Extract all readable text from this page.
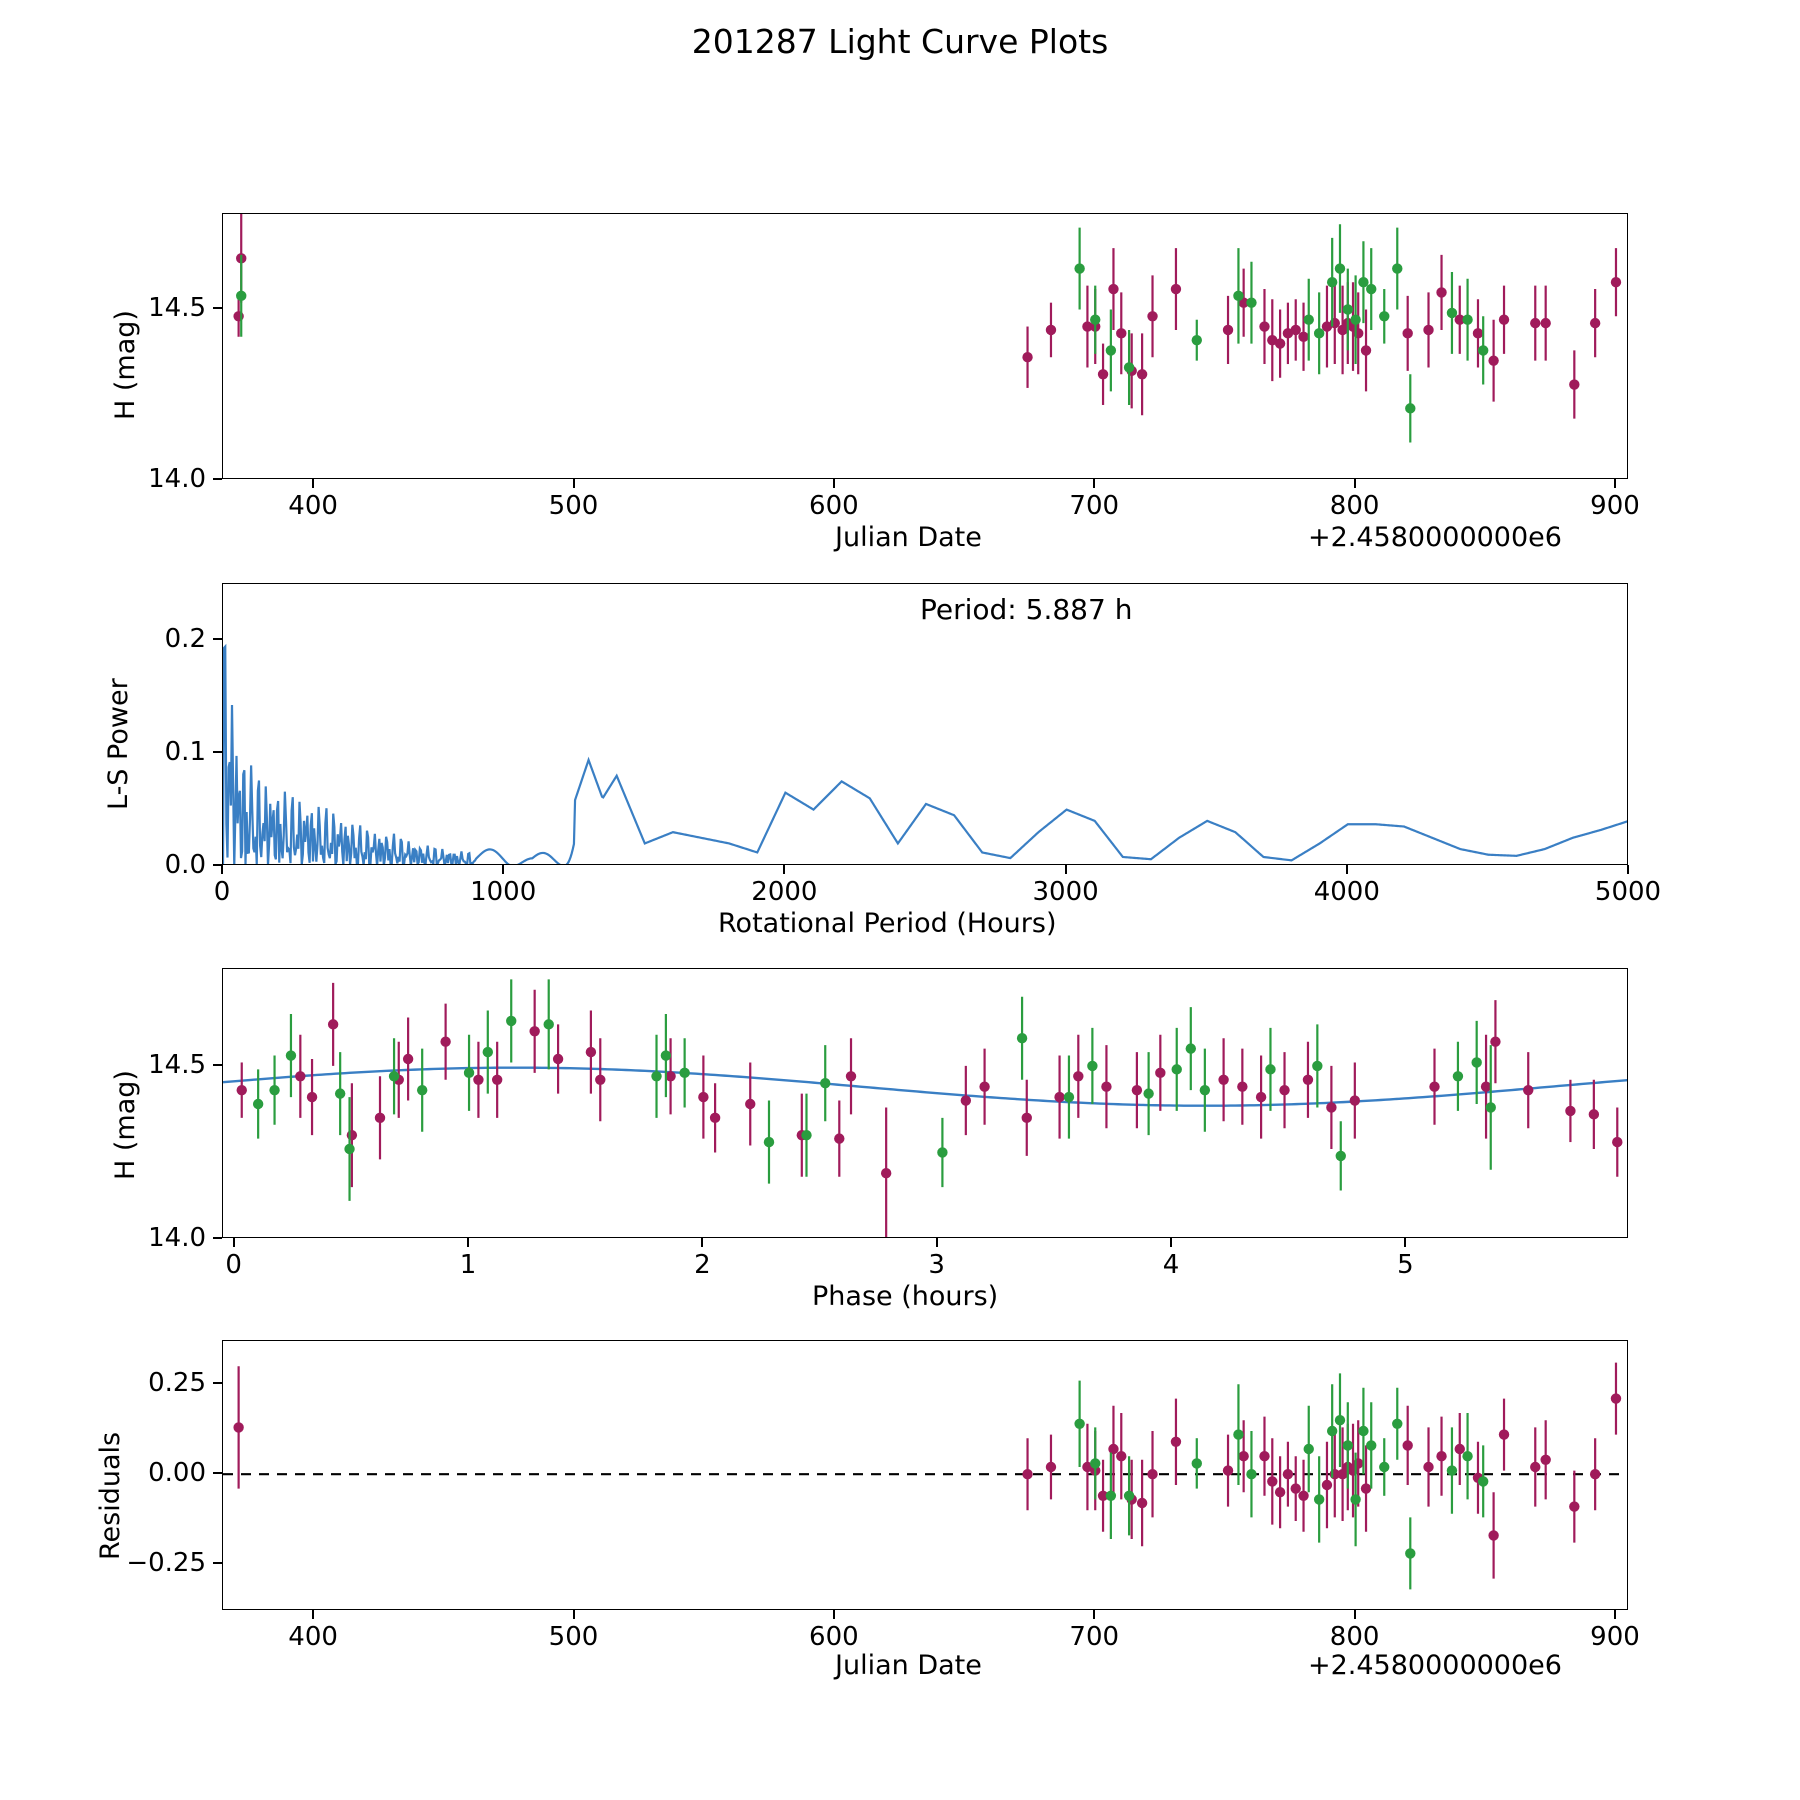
201287 Light Curve Plots
H (mag)
Julian Date	+2.4580000000e6
400	500	600	700	800	900
14.0
14.5
L-S Power
Rotational Period (Hours)
Period: 5.887 h
0	1000	2000	3000	4000	5000
0.0
0.1
0.2
H (mag)
Phase (hours)
0	1	2	3	4	5
14.0
14.5
Residuals
Julian Date	+2.4580000000e6
400	500	600	700	800	900
−0.25
0.00
0.25
